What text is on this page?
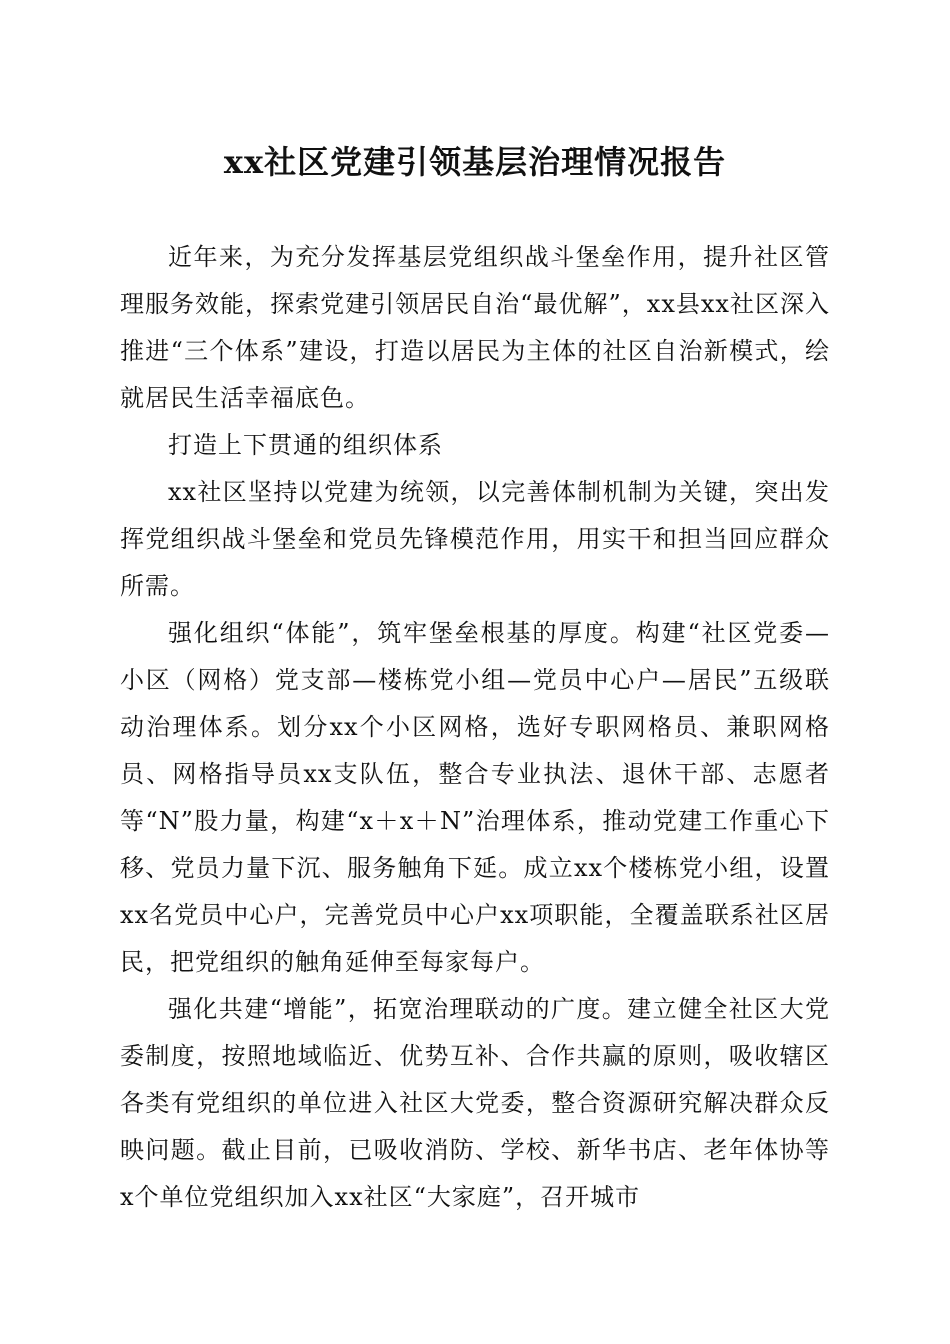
xx社区党建引领基层治理情况报告

近年来，为充分发挥基层党组织战斗堡垒作用，提升社区管理服务效能，探索党建引领居民自治“最优解”，xx县xx社区深入推进“三个体系”建设，打造以居民为主体的社区自治新模式，绘就居民生活幸福底色。

打造上下贯通的组织体系

xx社区坚持以党建为统领，以完善体制机制为关键，突出发挥党组织战斗堡垒和党员先锋模范作用，用实干和担当回应群众所需。

强化组织“体能”，筑牢堡垒根基的厚度。构建“社区党委—小区（网格）党支部—楼栋党小组—党员中心户—居民”五级联动治理体系。划分xx个小区网格，选好专职网格员、兼职网格员、网格指导员xx支队伍，整合专业执法、退休干部、志愿者等“N”股力量，构建“x＋x＋N”治理体系，推动党建工作重心下移、党员力量下沉、服务触角下延。成立xx个楼栋党小组，设置xx名党员中心户，完善党员中心户xx项职能，全覆盖联系社区居民，把党组织的触角延伸至每家每户。

强化共建“增能”，拓宽治理联动的广度。建立健全社区大党委制度，按照地域临近、优势互补、合作共赢的原则，吸收辖区各类有党组织的单位进入社区大党委，整合资源研究解决群众反映问题。截止目前，已吸收消防、学校、新华书店、老年体协等x个单位党组织加入xx社区“大家庭”，召开城市
